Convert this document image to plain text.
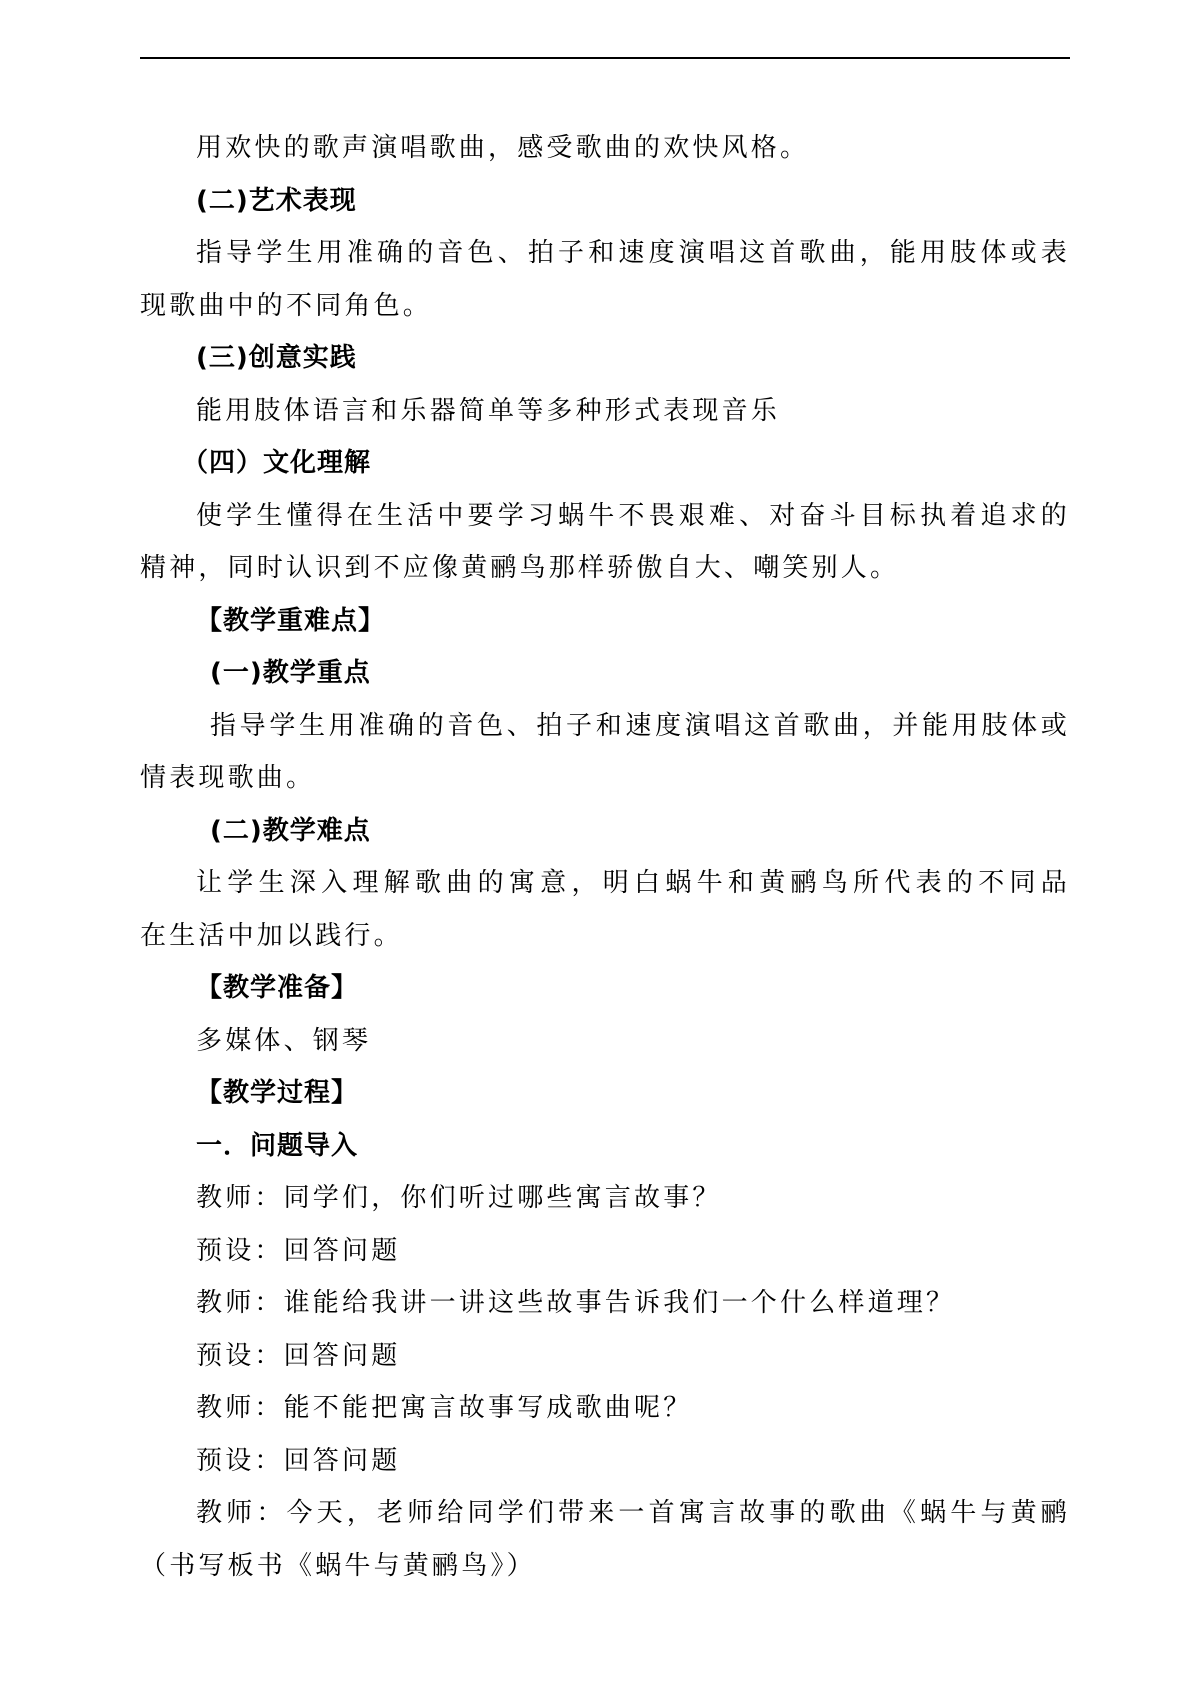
用欢快的歌声演唱歌曲，感受歌曲的欢快风格。
(二)艺术表现
指导学生用准确的音色、拍子和速度演唱这首歌曲，能用肢体或表
现歌曲中的不同角色。
(三)创意实践
能用肢体语言和乐器简单等多种形式表现音乐
（四）文化理解
使学生懂得在生活中要学习蜗牛不畏艰难、对奋斗目标执着追求的
精神，同时认识到不应像黄鹂鸟那样骄傲自大、嘲笑别人。
【教学重难点】
(一)教学重点
指导学生用准确的音色、拍子和速度演唱这首歌曲，并能用肢体或
情表现歌曲。
(二)教学难点
让学生深入理解歌曲的寓意，明白蜗牛和黄鹂鸟所代表的不同品
在生活中加以践行。
【教学准备】
多媒体、钢琴
【教学过程】
一．问题导入
教师：同学们，你们听过哪些寓言故事？
预设：回答问题
教师：谁能给我讲一讲这些故事告诉我们一个什么样道理？
预设：回答问题
教师：能不能把寓言故事写成歌曲呢？
预设：回答问题
教师：今天，老师给同学们带来一首寓言故事的歌曲《蜗牛与黄鹂
（书写板书《蜗牛与黄鹂鸟》）
